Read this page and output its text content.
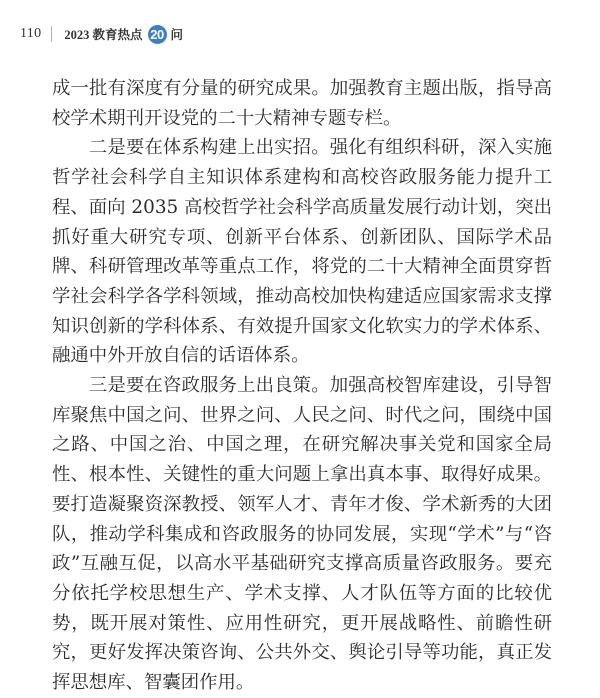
110 2023 教育热点 20 问

成一批有深度有分量的研究成果。加强教育主题出版，指导高校学术期刊开设党的二十大精神专题专栏。

二是要在体系构建上出实招。强化有组织科研，深入实施哲学社会科学自主知识体系建构和高校咨政服务能力提升工程、面向 2035 高校哲学社会科学高质量发展行动计划，突出抓好重大研究专项、创新平台体系、创新团队、国际学术品牌、科研管理改革等重点工作，将党的二十大精神全面贯穿哲学社会科学各学科领域，推动高校加快构建适应国家需求支撑知识创新的学科体系、有效提升国家文化软实力的学术体系、融通中外开放自信的话语体系。

三是要在咨政服务上出良策。加强高校智库建设，引导智库聚焦中国之问、世界之问、人民之问、时代之问，围绕中国之路、中国之治、中国之理，在研究解决事关党和国家全局性、根本性、关键性的重大问题上拿出真本事、取得好成果。要打造凝聚资深教授、领军人才、青年才俊、学术新秀的大团队，推动学科集成和咨政服务的协同发展，实现“学术”与“咨政”互融互促，以高水平基础研究支撑高质量咨政服务。要充分依托学校思想生产、学术支撑、人才队伍等方面的比较优势，既开展对策性、应用性研究，更开展战略性、前瞻性研究，更好发挥决策咨询、公共外交、舆论引导等功能，真正发挥思想库、智囊团作用。
